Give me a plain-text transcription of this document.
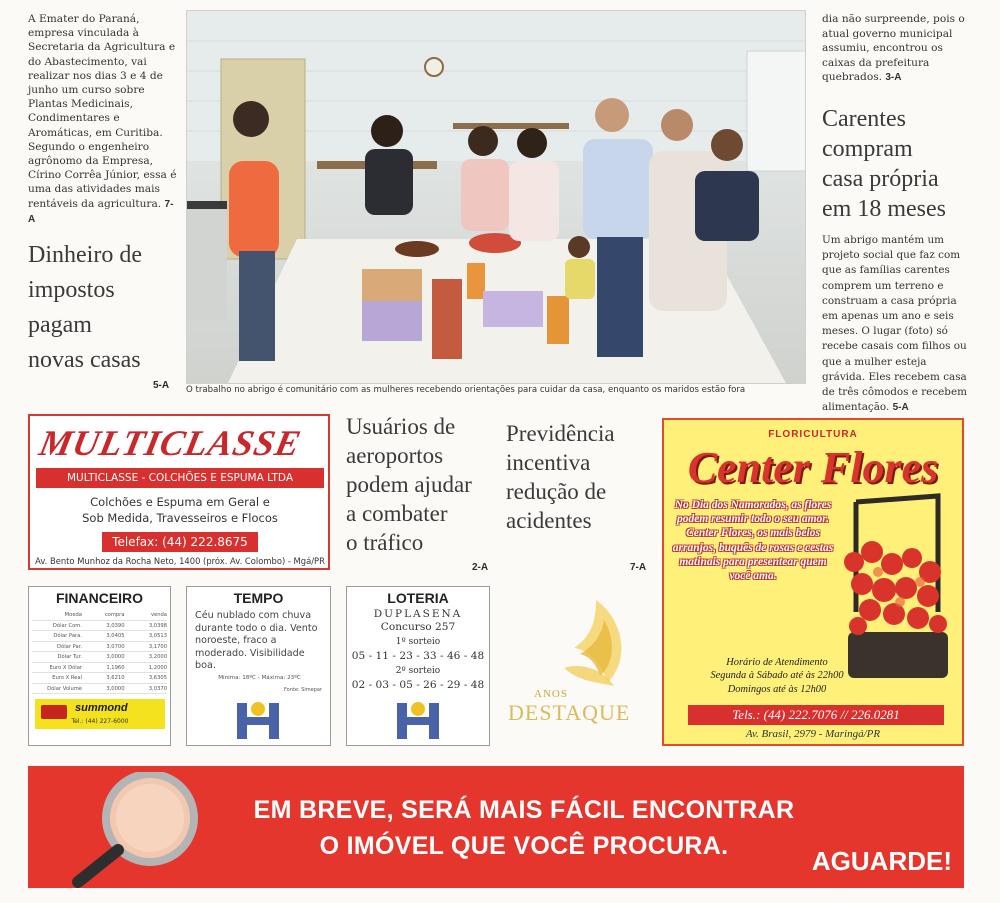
A Emater do Paraná, empresa vinculada à Secretaria da Agricultura e do Abastecimento, vai realizar nos dias 3 e 4 de junho um curso sobre Plantas Medicinais, Condimentares e Aromáticas, em Curitiba. Segundo o engenheiro agrônomo da Empresa, Círino Corrêa Júnior, essa é uma das atividades mais rentáveis da agricultura. 7-A
Dinheiro de
impostos
pagam
novas casas
5-A O trabalho no abrigo é comunitário com as mulheres recebendo orientações para cuidar da casa, enquanto os maridos estão fora
dia não surpreende, pois o atual governo municipal assumiu, encontrou os caixas da prefeitura quebrados. 3-A
Carentes
compram
casa própria
em 18 meses
Um abrigo mantém um projeto social que faz com que as famílias carentes comprem um terreno e construam a casa própria em apenas um ano e seis meses. O lugar (foto) só recebe casais com filhos ou que a mulher esteja grávida. Eles recebem casa de três cômodos e recebem alimentação. 5-A
Usuários de
aeroportos
podem ajudar
a combater
o tráfico
2-A
Previdência
incentiva
redução de
acidentes
7-A
MULTICLASSE
MULTICLASSE - COLCHÕES E ESPUMA LTDA
Colchões e Espuma em Geral e
Sob Medida, Travesseiros e Flocos
Telefax: (44) 222.8675
Av. Bento Munhoz da Rocha Neto, 1400 (próx. Av. Colombo) - Mgá/PR
FINANCEIRO
Moeda	compra	venda
Dólar Com.	3,0390	3,0398
Dólar Para.	3,0405	3,0513
Dólar Par.	3,0700	3,1700
Dólar Tur.	3,0000	3,2000
Euro X Dólar	1,1960	1,2000
Euro X Real	3,6210	3,6305
Dólar Volume	3,0000	3,0370
summond
Tel.: (44) 227-6000
TEMPO
Céu nublado com chuva durante todo o dia. Vento noroeste, fraco a moderado. Visibilidade boa.
Mínima: 18ºC - Máxima: 23ºC
Fonte: Simepar
LOTERIA
DUPLASENA
Concurso 257
1º sorteio
05 - 11 - 23 - 33 - 46 - 48
2º sorteio
02 - 03 - 05 - 26 - 29 - 48
ANOS
DESTAQUE
FLORICULTURA
Center Flores
No Dia dos Namorados, as flores podem resumir todo o seu amor. Center Flores, os mais belos arranjos, buquês de rosas e cestas matinais para presentear quem você ama.
Horário de Atendimento
Segunda à Sábado até às 22h00
Domingos até às 12h00
Tels.: (44) 222.7076 // 226.0281
Av. Brasil, 2979 - Maringá/PR
EM BREVE, SERÁ MAIS FÁCIL ENCONTRAR
O IMÓVEL QUE VOCÊ PROCURA.	AGUARDE!
